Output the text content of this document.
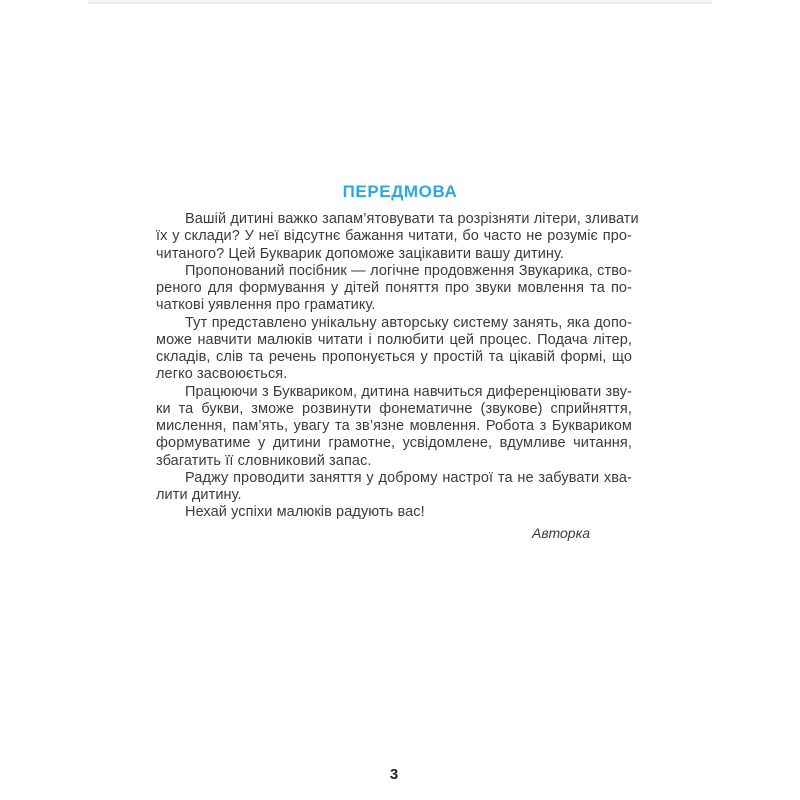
ПЕРЕДМОВА
Вашій дитині важко запам’ятовувати та розрізняти літери, зливати
їх у склади? У неї відсутнє бажання читати, бо часто не розуміє про-
читаного? Цей Букварик допоможе зацікавити вашу дитину.
Пропонований посібник — логічне продовження Звукарика, ство-
реного для формування у дітей поняття про звуки мовлення та по-
чаткові уявлення про граматику.
Тут представлено унікальну авторську систему занять, яка допо-
може навчити малюків читати і полюбити цей процес. Подача літер,
складів, слів та речень пропонується у простій та цікавій формі, що
легко засвоюється.
Працюючи з Буквариком, дитина навчиться диференціювати зву-
ки та букви, зможе розвинути фонематичне (звукове) сприйняття,
мислення, пам’ять, увагу та зв’язне мовлення. Робота з Буквариком
формуватиме у дитини грамотне, усвідомлене, вдумливе читання,
збагатить її словниковий запас.
Раджу проводити заняття у доброму настрої та не забувати хва-
лити дитину.
Нехай успіхи малюків радують вас!
Авторка
3
